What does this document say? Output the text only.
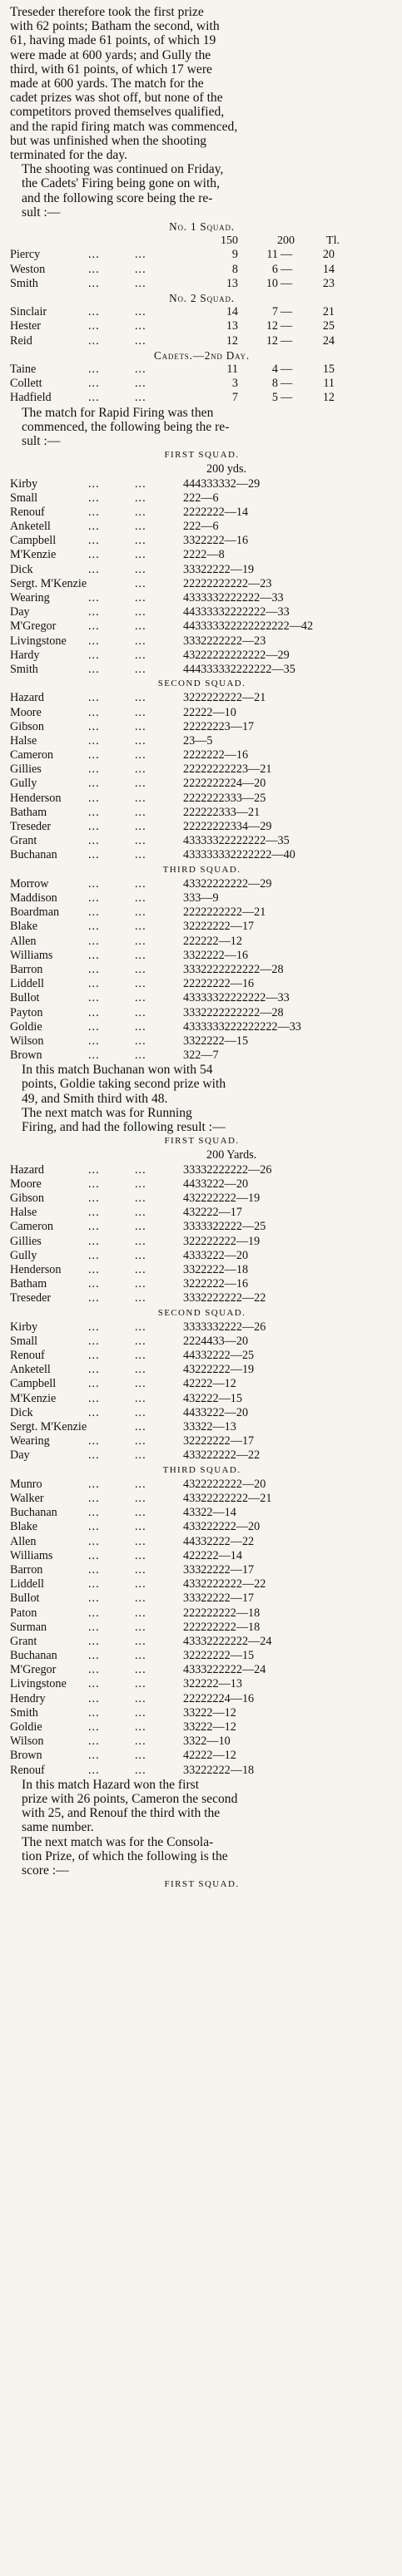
Treseder therefore took the first prize
with 62 points; Batham the second, with
61, having made 61 points, of which 19
were made at 600 yards; and Gully the
third, with 61 points, of which 17 were
made at 600 yards. The match for the
cadet prizes was shot off, but none of the
competitors proved themselves qualified,
and the rapid firing match was commenced,
but was unfinished when the shooting
terminated for the day.

The shooting was continued on Friday,
the Cadets' Firing being gone on with,
and the following score being the re-
sult :—

No. 1 Squad.

150	200	Tl.
Piercy	...	...	9	11 —	20
Weston	...	...	8	6 —	14
Smith	...	...	13	10 —	23

No. 2 Squad.

Sinclair	...	...	14	7 —	21
Hester	...	...	13	12 —	25
Reid	...	...	12	12 —	24

Cadets.—2nd Day.

Taine	...	...	11	4 —	15
Collett	...	...	3	8 —	11
Hadfield	...	...	7	5 —	12

The match for Rapid Firing was then
commenced, the following being the re-
sult :—

FIRST SQUAD.

200 yds.
Kirby	...	...	444333332—29
Small	...	...	222—6
Renouf	...	...	2222222—14
Anketell	...	...	222—6
Campbell	...	...	3322222—16
M'Kenzie	...	...	2222—8
Dick	...	...	33322222—19
Sergt. M'Kenzie	...	22222222222—23
Wearing	...	...	4333332222222—33
Day	...	...	44333332222222—33
M'Gregor	...	...	443333322222222222—42
Livingstone ...	...	3332222222—23
Hardy	...	...	43222222222222—29
Smith	...	...	444333332222222—35

SECOND SQUAD.

Hazard	...	...	3222222222—21
Moore	...	...	22222—10
Gibson	...	...	22222223—17
Halse	...	...	23—5
Cameron	...	...	2222222—16
Gillies	...	...	22222222223—21
Gully	...	...	2222222224—20
Henderson ...	...	2222222333—25
Batham	...	...	222222333—21
Treseder	...	...	22222222334—29
Grant	...	...	43333322222222—35
Buchanan	...	...	433333332222222—40

THIRD SQUAD.

Morrow	...	...	43322222222—29
Maddison	...	...	333—9
Boardman ...	...	2222222222—21
Blake	...	...	32222222—17
Allen	...	...	222222—12
Williams	...	...	3322222—16
Barron	...	...	3332222222222—28
Liddell	...	...	22222222—16
Bullot	...	...	43333322222222—33
Payton	...	...	3332222222222—28
Goldie	...	...	4333333222222222—33
Wilson	...	...	3322222—15
Brown	...	...	322—7

In this match Buchanan won with 54
points, Goldie taking second prize with
49, and Smith third with 48.

The next match was for Running
Firing, and had the following result :—

FIRST SQUAD.

200 Yards.
Hazard	...	...	33332222222—26
Moore	...	...	4433222—20
Gibson	...	...	432222222—19
Halse	...	...	432222—17
Cameron	...	...	3333322222—25
Gillies	...	...	322222222—19
Gully	...	...	4333222—20
Henderson ...	...	3322222—18
Batham	...	...	3222222—16
Treseder	...	...	3332222222—22

SECOND SQUAD.

Kirby	...	...	3333332222—26
Small	...	...	2224433—20
Renouf	...	...	44332222—25
Anketell	...	...	43222222—19
Campbell	...	...	42222—12
M'Kenzie	...	...	432222—15
Dick	...	...	4433222—20
Sergt. M'Kenzie	...	33322—13
Wearing	...	...	32222222—17
Day	...	...	433222222—22

THIRD SQUAD.

Munro	...	...	4322222222—20
Walker	...	...	43322222222—21
Buchanan	...	...	43322—14
Blake	...	...	433222222—20
Allen	...	...	44332222—22
Williams	...	...	422222—14
Barron	...	...	33322222—17
Liddell	...	...	4332222222—22
Bullot	...	...	33322222—17
Paton	...	...	222222222—18
Surman	...	...	222222222—18
Grant	...	...	43332222222—24
Buchanan	...	...	32222222—15
M'Gregor	...	...	4333222222—24
Livingstone ...	...	322222—13
Hendry	...	...	22222224—16
Smith	...	...	33222—12
Goldie	...	...	33222—12
Wilson	...	...	3322—10
Brown	...	...	42222—12
Renouf	...	...	33222222—18

In this match Hazard won the first
prize with 26 points, Cameron the second
with 25, and Renouf the third with the
same number.

The next match was for the Consola-
tion Prize, of which the following is the
score :—

FIRST SQUAD.
